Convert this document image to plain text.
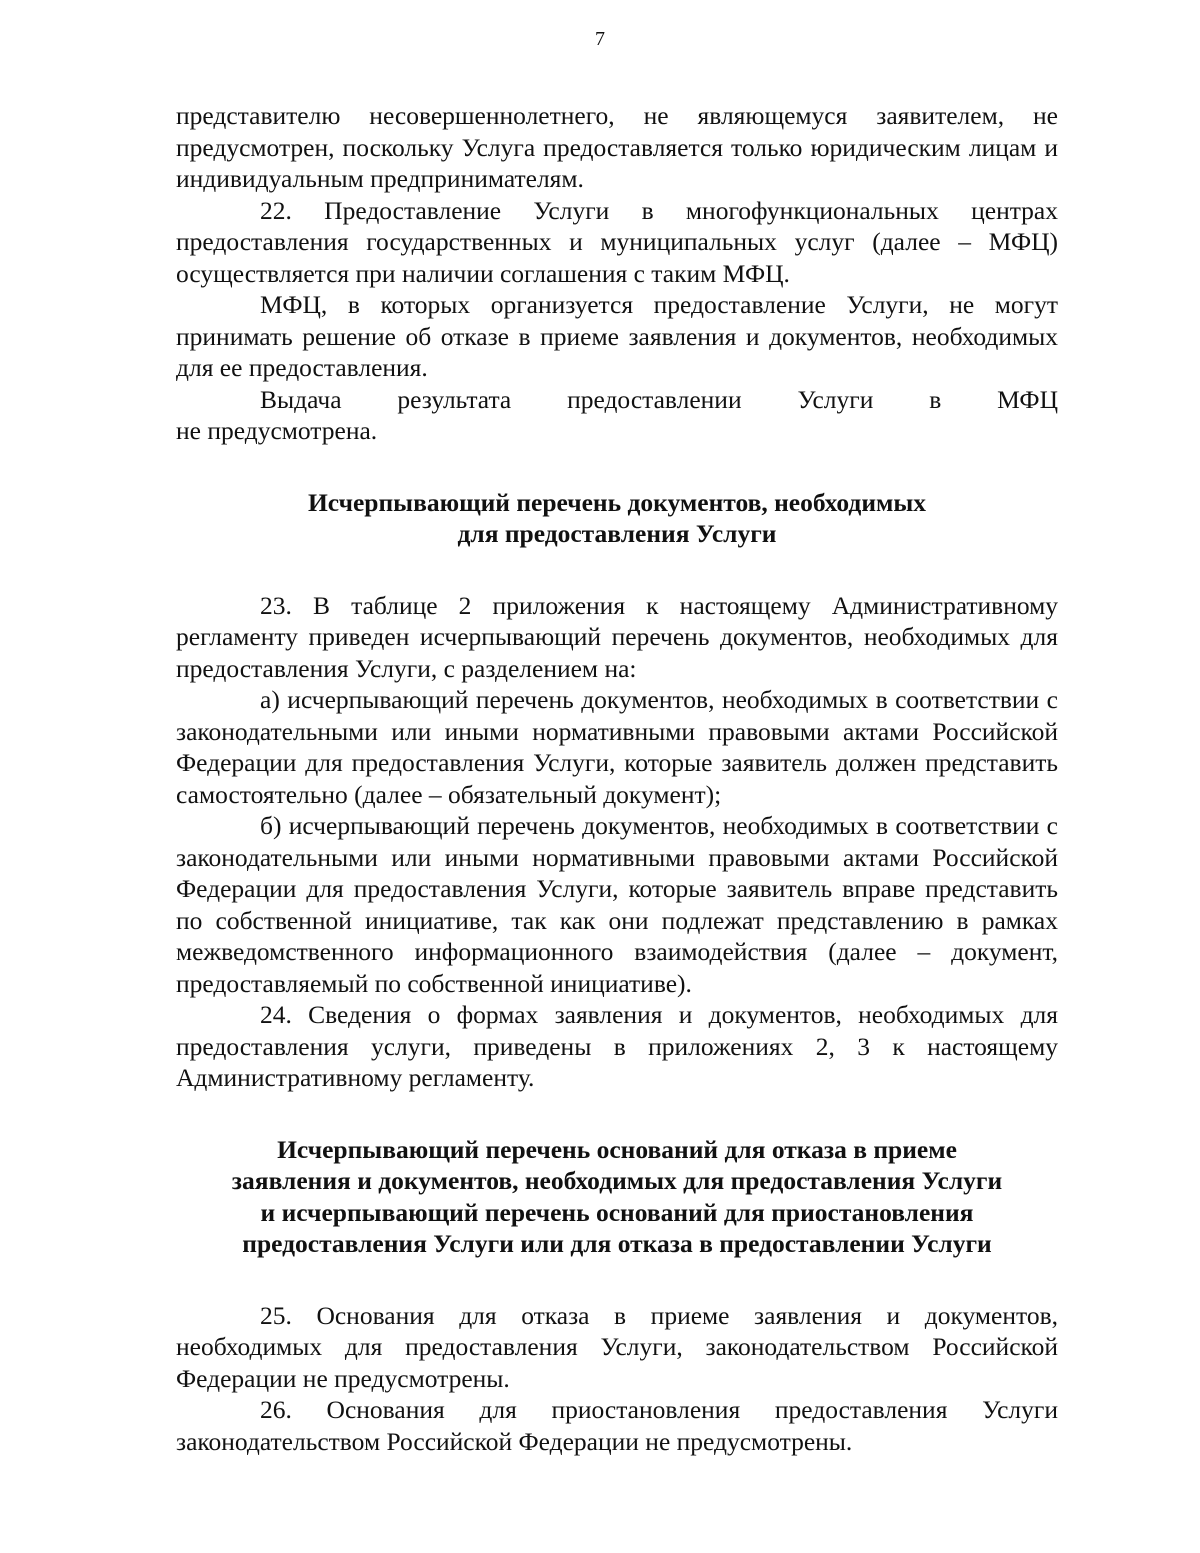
7

представителю несовершеннолетнего, не являющемуся заявителем, не предусмотрен, поскольку Услуга предоставляется только юридическим лицам и индивидуальным предпринимателям.

22. Предоставление Услуги в многофункциональных центрах предоставления государственных и муниципальных услуг (далее – МФЦ) осуществляется при наличии соглашения с таким МФЦ.

МФЦ, в которых организуется предоставление Услуги, не могут принимать решение об отказе в приеме заявления и документов, необходимых для ее предоставления.

Выдача результата предоставлении Услуги в МФЦ

не предусмотрена.

Исчерпывающий перечень документов, необходимых
для предоставления Услуги

23. В таблице 2 приложения к настоящему Административному регламенту приведен исчерпывающий перечень документов, необходимых для предоставления Услуги, с разделением на:

а) исчерпывающий перечень документов, необходимых в соответствии с законодательными или иными нормативными правовыми актами Российской Федерации для предоставления Услуги, которые заявитель должен представить самостоятельно (далее – обязательный документ);

б) исчерпывающий перечень документов, необходимых в соответствии с законодательными или иными нормативными правовыми актами Российской Федерации для предоставления Услуги, которые заявитель вправе представить по собственной инициативе, так как они подлежат представлению в рамках межведомственного информационного взаимодействия (далее – документ, предоставляемый по собственной инициативе).

24. Сведения о формах заявления и документов, необходимых для предоставления услуги, приведены в приложениях 2, 3 к настоящему Административному регламенту.

Исчерпывающий перечень оснований для отказа в приеме
заявления и документов, необходимых для предоставления Услуги
и исчерпывающий перечень оснований для приостановления
предоставления Услуги или для отказа в предоставлении Услуги

25. Основания для отказа в приеме заявления и документов, необходимых для предоставления Услуги, законодательством Российской Федерации не предусмотрены.

26. Основания для приостановления предоставления Услуги законодательством Российской Федерации не предусмотрены.
